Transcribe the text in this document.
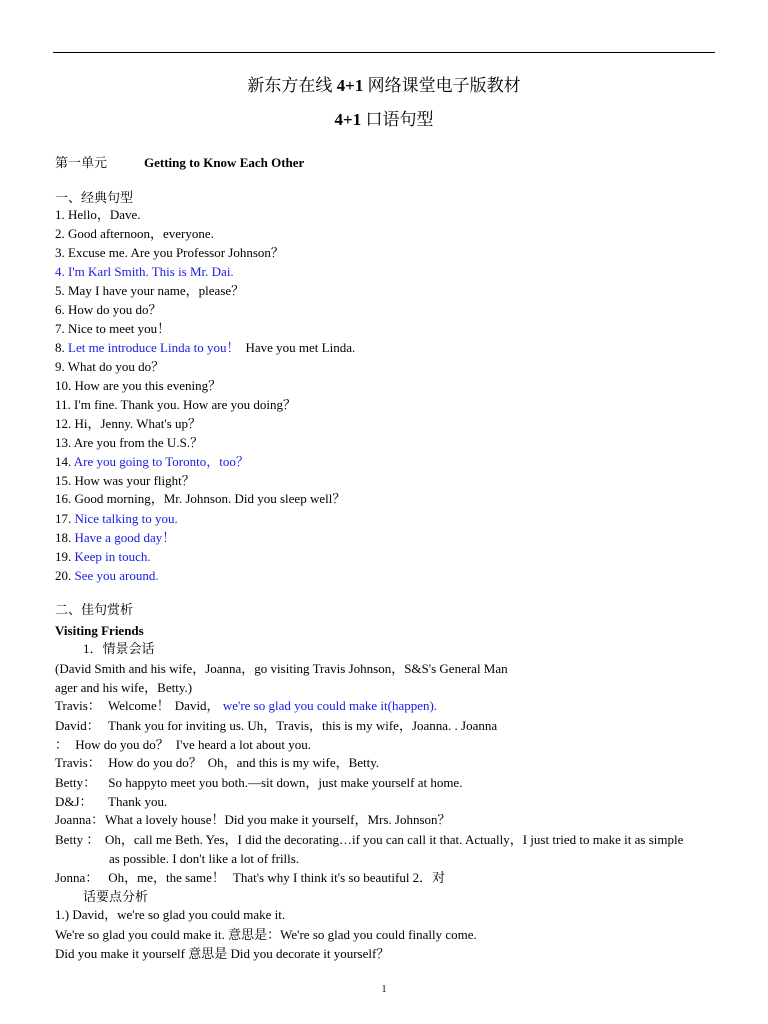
新东方在线 4+1 网络课堂电子版教材
4+1 口语句型
第一单元	Getting to Know Each Other
一、经典句型
1. Hello，Dave.
2. Good afternoon，everyone.
3. Excuse me. Are you Professor Johnson？
4. I'm Karl Smith. This is Mr. Dai.
5. May I have your name，please？
6. How do you do？
7. Nice to meet you！
8. Let me introduce Linda to you！ Have you met Linda.
9. What do you do？
10. How are you this evening？
11. I'm fine. Thank you. How are you doing？
12. Hi，Jenny. What's up？
13. Are you from the U.S.？
14. Are you going to Toronto，too？
15. How was your flight？
16. Good morning，Mr. Johnson. Did you sleep well？
17. Nice talking to you.
18. Have a good day！
19. Keep in touch.
20. See you around.
二、佳句赏析
Visiting Friends
1．情景会话
(David Smith and his wife，Joanna，go visiting Travis Johnson，S&S's General Man
ager and his wife，Betty.)
Travis： Welcome！ David， we're so glad you could make it(happen).
David： Thank you for inviting us. Uh，Travis，this is my wife，Joanna. . Joanna
： How do you do？ I've heard a lot about you.
Travis： How do you do？ Oh，and this is my wife，Betty.
Betty： So happyto meet you both.—sit down，just make yourself at home.
D&J： Thank you.
Joanna：What a lovely house！Did you make it yourself，Mrs. Johnson？
Betty ： Oh，call me Beth. Yes，I did the decorating…if you can call it that. Actually，I just tried to make it as simple
as possible. I don't like a lot of frills.
Jonna： Oh，me，the same！ That's why I think it's so beautiful 2．对
话要点分析
1.) David，we're so glad you could make it.
We're so glad you could make it. 意思是：We're so glad you could finally come.
Did you make it yourself 意思是 Did you decorate it yourself？
1
